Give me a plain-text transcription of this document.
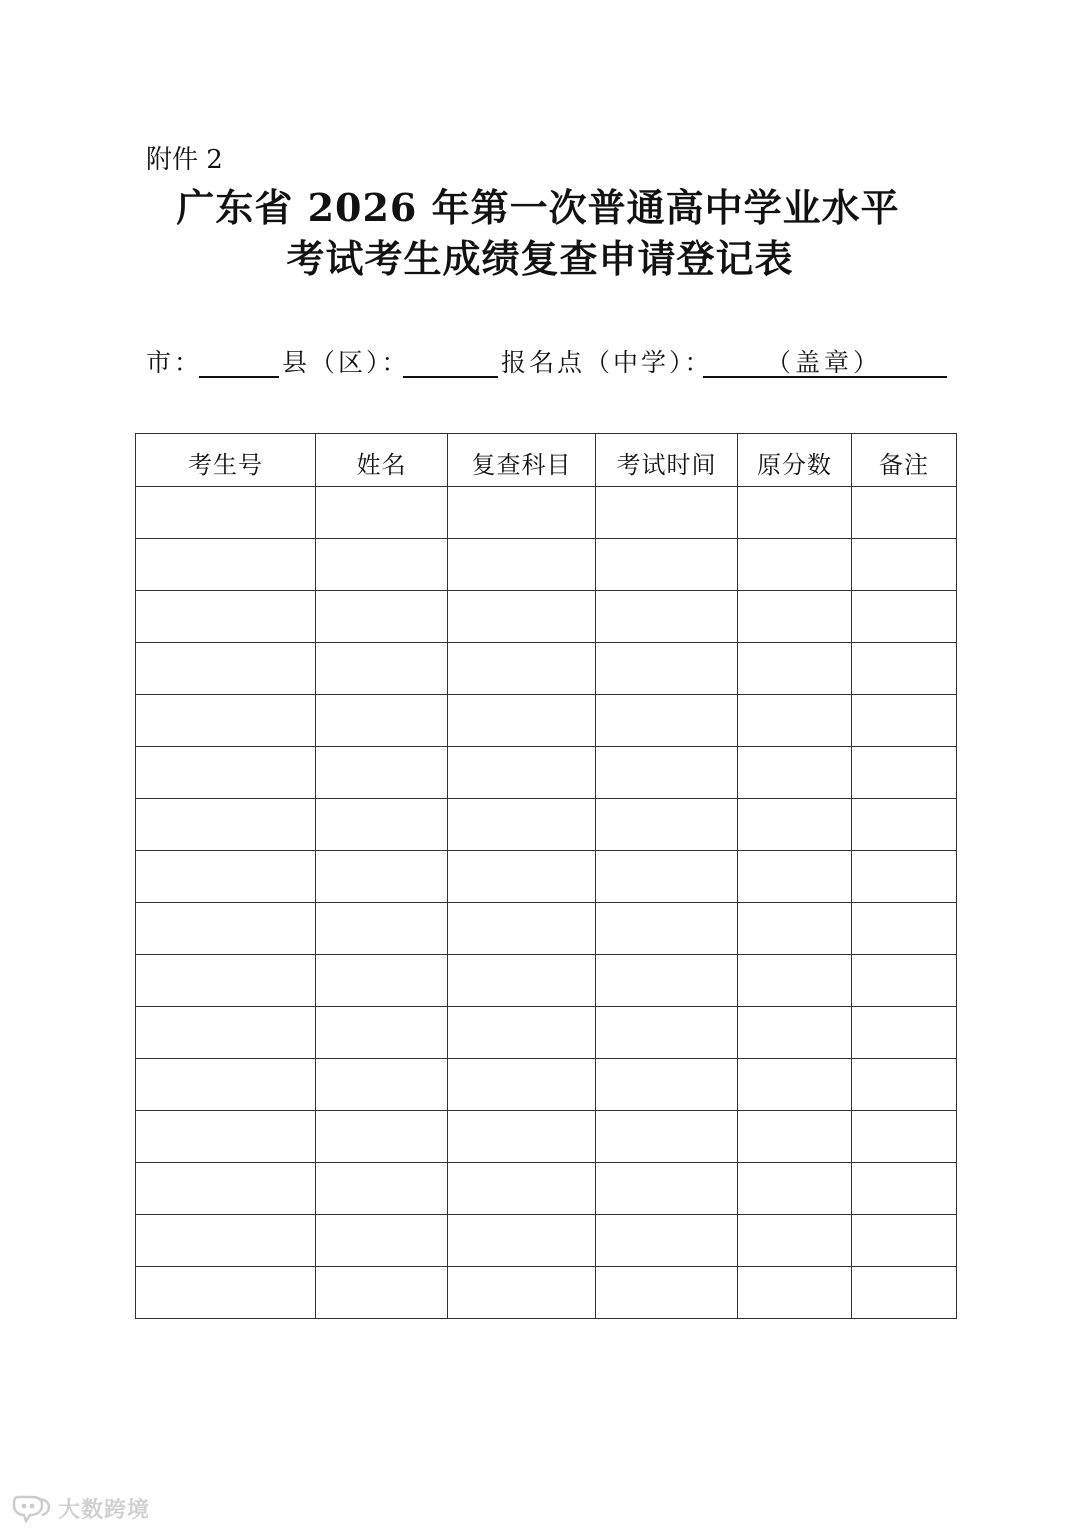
附件 2
广东省 2026 年第一次普通高中学业水平
考试考生成绩复查申请登记表
市：	县（区）：	报名点（中学）： （盖章）
考生号	姓名	复查科目	考试时间	原分数	备注

大数跨境
